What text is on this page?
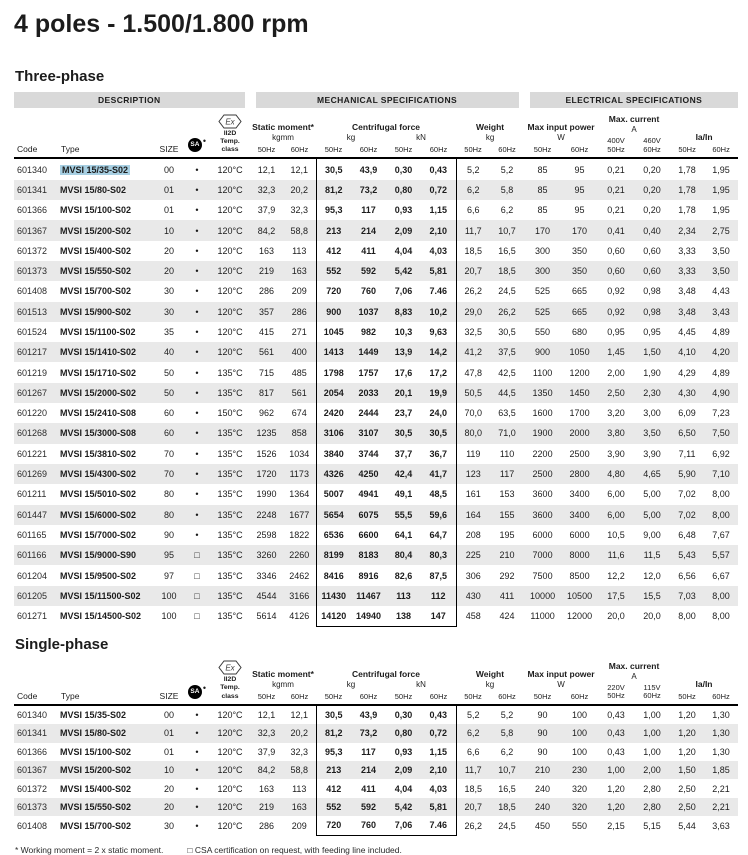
4 poles - 1.500/1.800 rpm
Three-phase
DESCRIPTION					MECHANICAL SPECIFICATIONS								ELECTRICAL SPECIFICATIONS					
Code	Type	SIZE	SA •	
Ex
II2D
Temp.
class

Static moment*
kgmm
50Hz	60Hz

Centrifugal force
kg	kN
50Hz	60Hz	50Hz	60Hz

Weight
kg
50Hz	60Hz

Max input power
W
50Hz	60Hz

Max. current
A
400V
50Hz
460V
60Hz

Ia/In
50Hz	60Hz

601340	MVSI 15/35-S02	00	•	120°C	12,1	12,1	30,5	43,9	0,30	0,43	5,2	5,2	85	95	0,21	0,20	1,78	1,95
601341	MVSI 15/80-S02	01	•	120°C	32,3	20,2	81,2	73,2	0,80	0,72	6,2	5,8	85	95	0,21	0,20	1,78	1,95
601366	MVSI 15/100-S02	01	•	120°C	37,9	32,3	95,3	117	0,93	1,15	6,6	6,2	85	95	0,21	0,20	1,78	1,95
601367	MVSI 15/200-S02	10	•	120°C	84,2	58,8	213	214	2,09	2,10	11,7	10,7	170	170	0,41	0,40	2,34	2,75
601372	MVSI 15/400-S02	20	•	120°C	163	113	412	411	4,04	4,03	18,5	16,5	300	350	0,60	0,60	3,33	3,50
601373	MVSI 15/550-S02	20	•	120°C	219	163	552	592	5,42	5,81	20,7	18,5	300	350	0,60	0,60	3,33	3,50
601408	MVSI 15/700-S02	30	•	120°C	286	209	720	760	7,06	7.46	26,2	24,5	525	665	0,92	0,98	3,48	4,43
601513	MVSI 15/900-S02	30	•	120°C	357	286	900	1037	8,83	10,2	29,0	26,2	525	665	0,92	0,98	3,48	3,43
601524	MVSI 15/1100-S02	35	•	120°C	415	271	1045	982	10,3	9,63	32,5	30,5	550	680	0,95	0,95	4,45	4,89
601217	MVSI 15/1410-S02	40	•	120°C	561	400	1413	1449	13,9	14,2	41,2	37,5	900	1050	1,45	1,50	4,10	4,20
601219	MVSI 15/1710-S02	50	•	135°C	715	485	1798	1757	17,6	17,2	47,8	42,5	1100	1200	2,00	1,90	4,29	4,89
601267	MVSI 15/2000-S02	50	•	135°C	817	561	2054	2033	20,1	19,9	50,5	44,5	1350	1450	2,50	2,30	4,30	4,90
601220	MVSI 15/2410-S08	60	•	150°C	962	674	2420	2444	23,7	24,0	70,0	63,5	1600	1700	3,20	3,00	6,09	7,23
601268	MVSI 15/3000-S08	60	•	135°C	1235	858	3106	3107	30,5	30,5	80,0	71,0	1900	2000	3,80	3,50	6,50	7,50
601221	MVSI 15/3810-S02	70	•	135°C	1526	1034	3840	3744	37,7	36,7	119	110	2200	2500	3,90	3,90	7,11	6,92
601269	MVSI 15/4300-S02	70	•	135°C	1720	1173	4326	4250	42,4	41,7	123	117	2500	2800	4,80	4,65	5,90	7,10
601211	MVSI 15/5010-S02	80	•	135°C	1990	1364	5007	4941	49,1	48,5	161	153	3600	3400	6,00	5,00	7,02	8,00
601447	MVSI 15/6000-S02	80	•	135°C	2248	1677	5654	6075	55,5	59,6	164	155	3600	3400	6,00	5,00	7,02	8,00
601165	MVSI 15/7000-S02	90	•	135°C	2598	1822	6536	6600	64,1	64,7	208	195	6000	6000	10,5	9,00	6,48	7,67
601166	MVSI 15/9000-S90	95	□	135°C	3260	2260	8199	8183	80,4	80,3	225	210	7000	8000	11,6	11,5	5,43	5,57
601204	MVSI 15/9500-S02	97	□	135°C	3346	2462	8416	8916	82,6	87,5	306	292	7500	8500	12,2	12,0	6,56	6,67
601205	MVSI 15/11500-S02	100	□	135°C	4544	3166	11430	11467	113	112	430	411	10000	10500	17,5	15,5	7,03	8,00
601271	MVSI 15/14500-S02	100	□	135°C	5614	4126	14120	14940	138	147	458	424	11000	12000	20,0	20,0	8,00	8,00
Single-phase
Code	Type	SIZE	SA •	
Ex
II2D
Temp.
class

Static moment*
kgmm
50Hz	60Hz

Centrifugal force
kg	kN
50Hz	60Hz	50Hz	60Hz

Weight
kg
50Hz	60Hz

Max input power
W
50Hz	60Hz

Max. current
A
220V
50Hz
115V
60Hz

Ia/In
50Hz	60Hz

601340	MVSI 15/35-S02	00	•	120°C	12,1	12,1	30,5	43,9	0,30	0,43	5,2	5,2	90	100	0,43	1,00	1,20	1,30
601341	MVSI 15/80-S02	01	•	120°C	32,3	20,2	81,2	73,2	0,80	0,72	6,2	5,8	90	100	0,43	1,00	1,20	1,30
601366	MVSI 15/100-S02	01	•	120°C	37,9	32,3	95,3	117	0,93	1,15	6,6	6,2	90	100	0,43	1,00	1,20	1,30
601367	MVSI 15/200-S02	10	•	120°C	84,2	58,8	213	214	2,09	2,10	11,7	10,7	210	230	1,00	2,00	1,50	1,85
601372	MVSI 15/400-S02	20	•	120°C	163	113	412	411	4,04	4,03	18,5	16,5	240	320	1,20	2,80	2,50	2,21
601373	MVSI 15/550-S02	20	•	120°C	219	163	552	592	5,42	5,81	20,7	18,5	240	320	1,20	2,80	2,50	2,21
601408	MVSI 15/700-S02	30	•	120°C	286	209	720	760	7,06	7.46	26,2	24,5	450	550	2,15	5,15	5,44	3,63
* Working moment = 2 x static moment.	□ CSA certification on request, with feeding line included.
